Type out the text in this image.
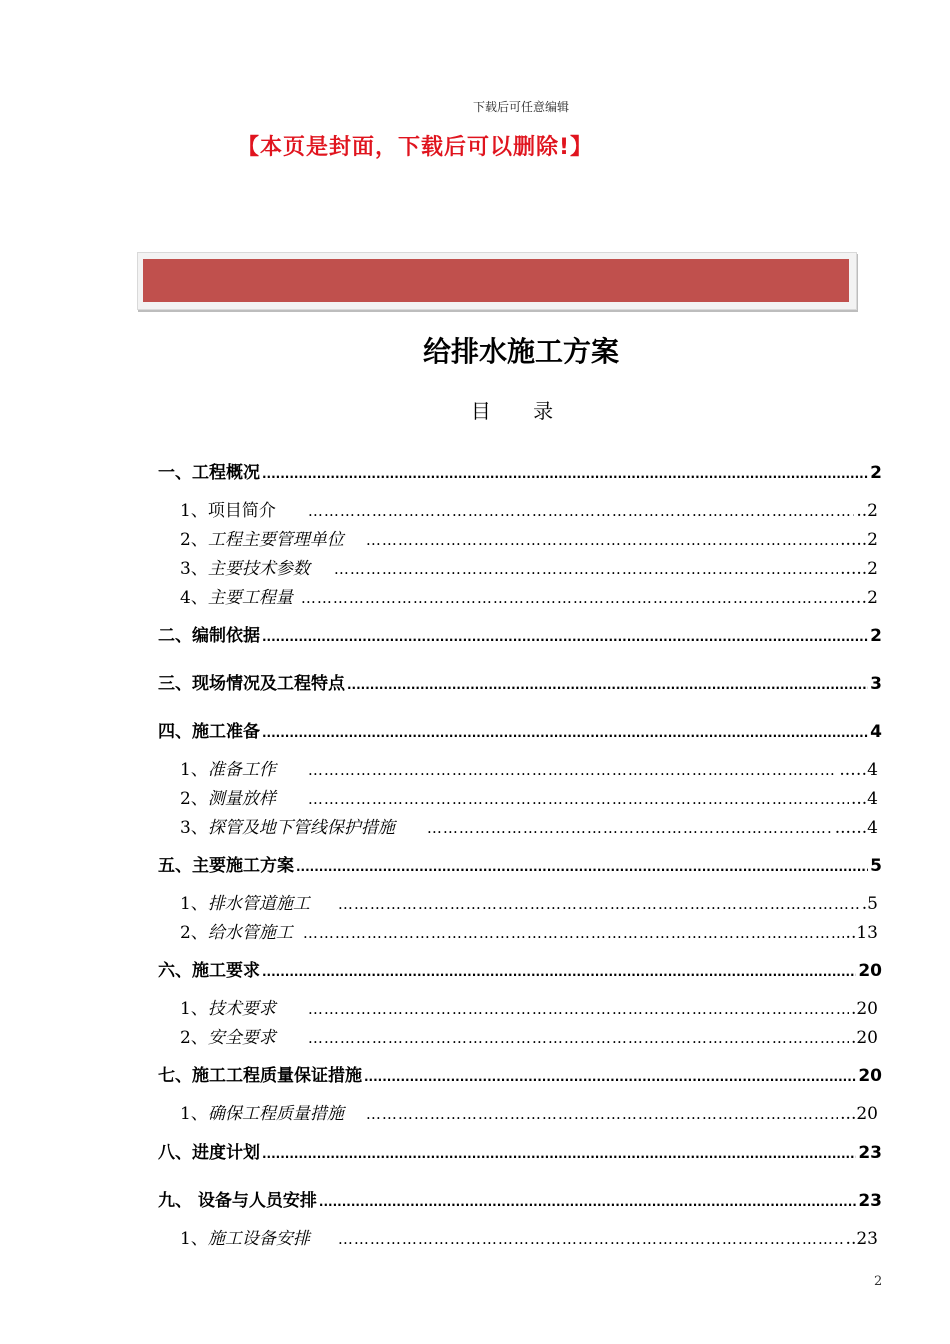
下载后可任意编辑
【本页是封面，下载后可以删除!】
给排水施工方案
目 录
一、工程概况 .....	2
1、 项目简介 ……………………………………………………………………………………………………………………………………………………………………	..2
2、 工程主要管理单位 ……………………………………………………………………………………………………………………………………………………………………	.....2
3、 主要技术参数 ……………………………………………………………………………………………………………………………………………………………………	.....2
4、 主要工程量 ……………………………………………………………………………………………………………………………………………………………………	..…2
二、编制依据 .....	2
三、现场情况及工程特点 .....	3
四、施工准备 .....	4
1、 准备工作 ……………………………………………………………………………………………………………………………………………………………………	..…4
2、 测量放样 ……………………………………………………………………………………………………………………………………………………………………	...4
3、 探管及地下管线保护措施 ……………………………………………………………………………………………………………………………………………………………………	......4
五、主要施工方案 .....	5
1、 排水管道施工 ……………………………………………………………………………………………………………………………………………………………………	.5
2、 给水管施工 ……………………………………………………………………………………………………………………………………………………………………	..13
六、施工要求 .....	20
1、 技术要求 ……………………………………………………………………………………………………………………………………………………………………	.20
2、 安全要求 ……………………………………………………………………………………………………………………………………………………………………	.20
七、施工工程质量保证措施 .....	20
1、 确保工程质量措施 ……………………………………………………………………………………………………………………………………………………………………	...20
八、进度计划 .....	23
九、 设备与人员安排 .....	23
1、 施工设备安排 ……………………………………………………………………………………………………………………………………………………………………	..23
2
